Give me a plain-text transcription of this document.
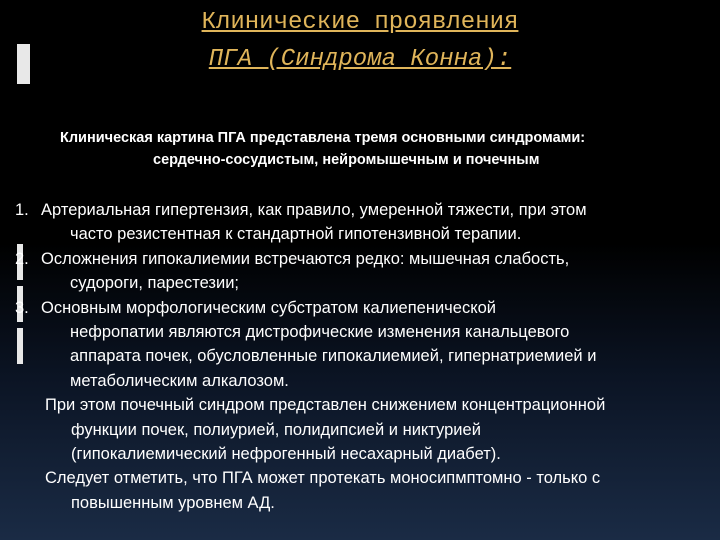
Клинические проявления
ПГА (Синдрома Конна):
Клиническая картина ПГА представлена тремя основными синдромами:
сердечно-сосудистым, нейромышечным и почечным
1. Артериальная гипертензия, как правило, умеренной тяжести, при этом
часто резистентная к стандартной гипотензивной терапии.
2. Осложнения гипокалиемии встречаются редко: мышечная слабость,
судороги, парестезии;
3. Основным морфологическим субстратом калиепенической
нефропатии являются дистрофические изменения канальцевого
аппарата почек, обусловленные гипокалиемией, гипернатриемией и
метаболическим алкалозом.
При этом почечный синдром представлен снижением концентрационной
функции почек, полиурией, полидипсией и никтурией
(гипокалиемический нефрогенный несахарный диабет).
Следует отметить, что ПГА может протекать моносипмптомно - только с
повышенным уровнем АД.
